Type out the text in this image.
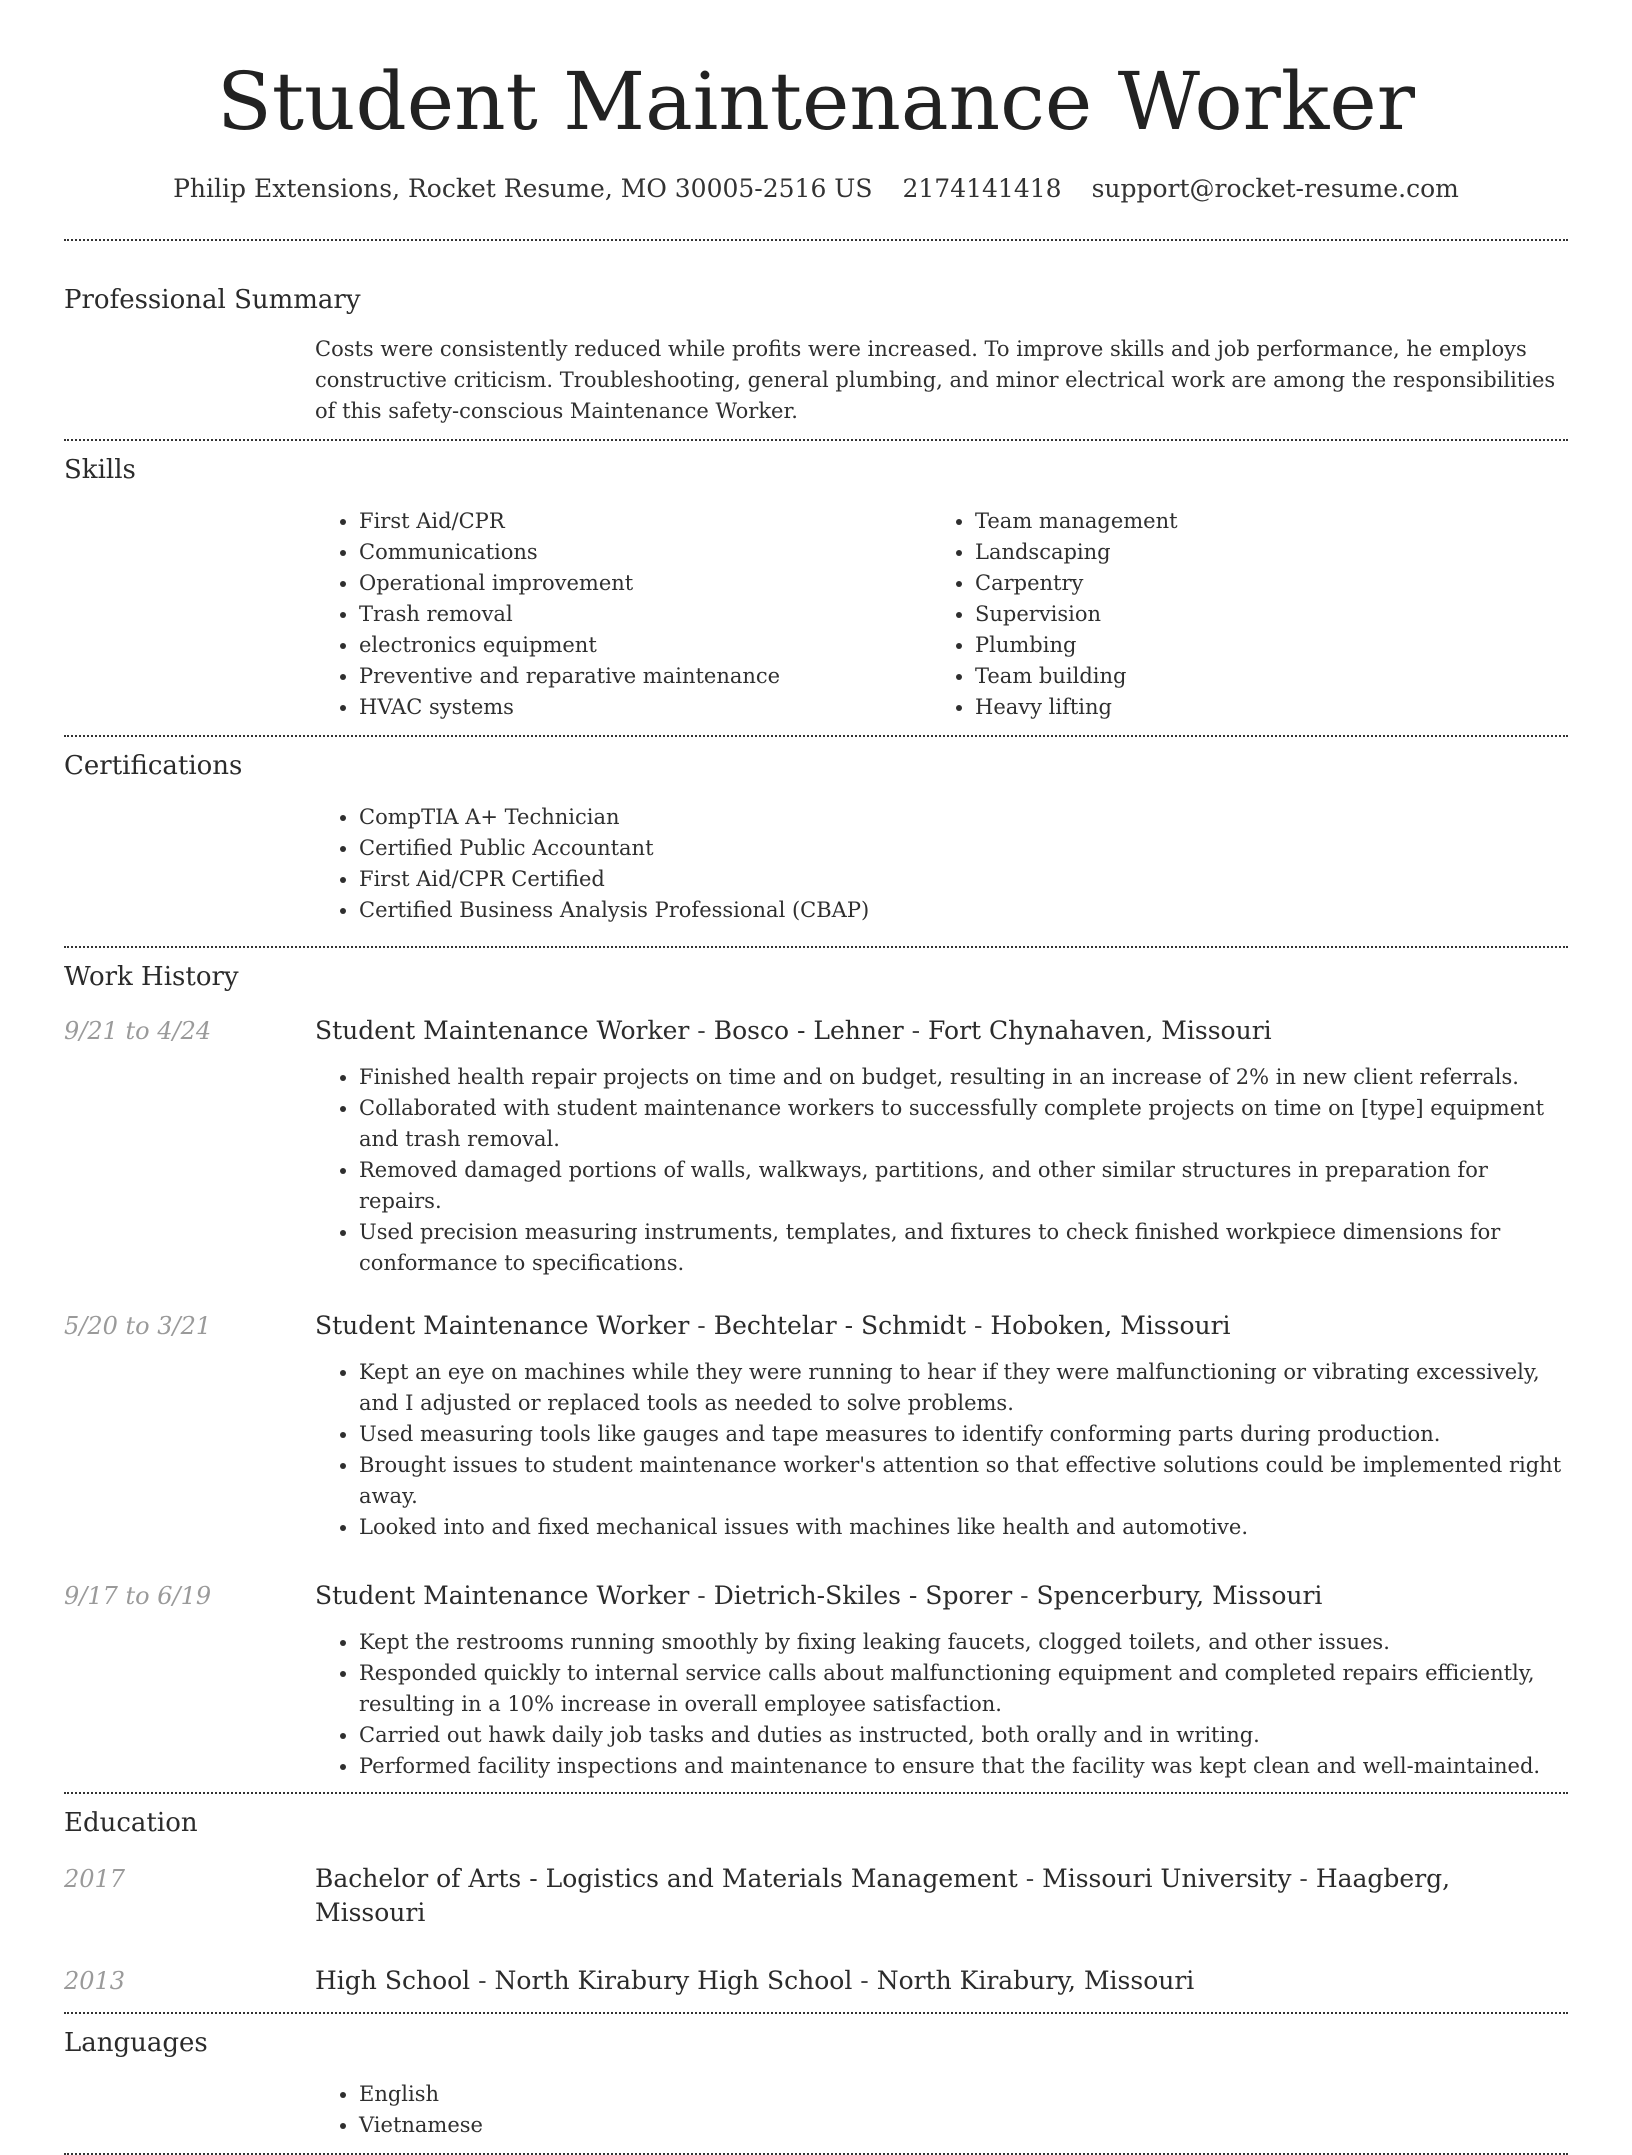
Student Maintenance Worker
Philip Extensions, Rocket Resume, MO 30005-2516 US 2174141418 support@rocket-resume.com
Professional Summary
Costs were consistently reduced while profits were increased. To improve skills and job performance, he employs constructive criticism. Troubleshooting, general plumbing, and minor electrical work are among the responsibilities of this safety-conscious Maintenance Worker.
Skills
• First Aid/CPR
• Communications
• Operational improvement
• Trash removal
• electronics equipment
• Preventive and reparative maintenance
• HVAC systems
• Team management
• Landscaping
• Carpentry
• Supervision
• Plumbing
• Team building
• Heavy lifting
Certifications
• CompTIA A+ Technician
• Certified Public Accountant
• First Aid/CPR Certified
• Certified Business Analysis Professional (CBAP)
Work History
9/21 to 4/24	Student Maintenance Worker - Bosco - Lehner - Fort Chynahaven, Missouri
• Finished health repair projects on time and on budget, resulting in an increase of 2% in new client referrals.
• Collaborated with student maintenance workers to successfully complete projects on time on [type] equipment and trash removal.
• Removed damaged portions of walls, walkways, partitions, and other similar structures in preparation for repairs.
• Used precision measuring instruments, templates, and fixtures to check finished workpiece dimensions for conformance to specifications.
5/20 to 3/21	Student Maintenance Worker - Bechtelar - Schmidt - Hoboken, Missouri
• Kept an eye on machines while they were running to hear if they were malfunctioning or vibrating excessively, and I adjusted or replaced tools as needed to solve problems.
• Used measuring tools like gauges and tape measures to identify conforming parts during production.
• Brought issues to student maintenance worker's attention so that effective solutions could be implemented right away.
• Looked into and fixed mechanical issues with machines like health and automotive.
9/17 to 6/19	Student Maintenance Worker - Dietrich-Skiles - Sporer - Spencerbury, Missouri
• Kept the restrooms running smoothly by fixing leaking faucets, clogged toilets, and other issues.
• Responded quickly to internal service calls about malfunctioning equipment and completed repairs efficiently, resulting in a 10% increase in overall employee satisfaction.
• Carried out hawk daily job tasks and duties as instructed, both orally and in writing.
• Performed facility inspections and maintenance to ensure that the facility was kept clean and well-maintained.
Education
2017	Bachelor of Arts - Logistics and Materials Management - Missouri University - Haagberg, Missouri
2013	High School - North Kirabury High School - North Kirabury, Missouri
Languages
• English
• Vietnamese
